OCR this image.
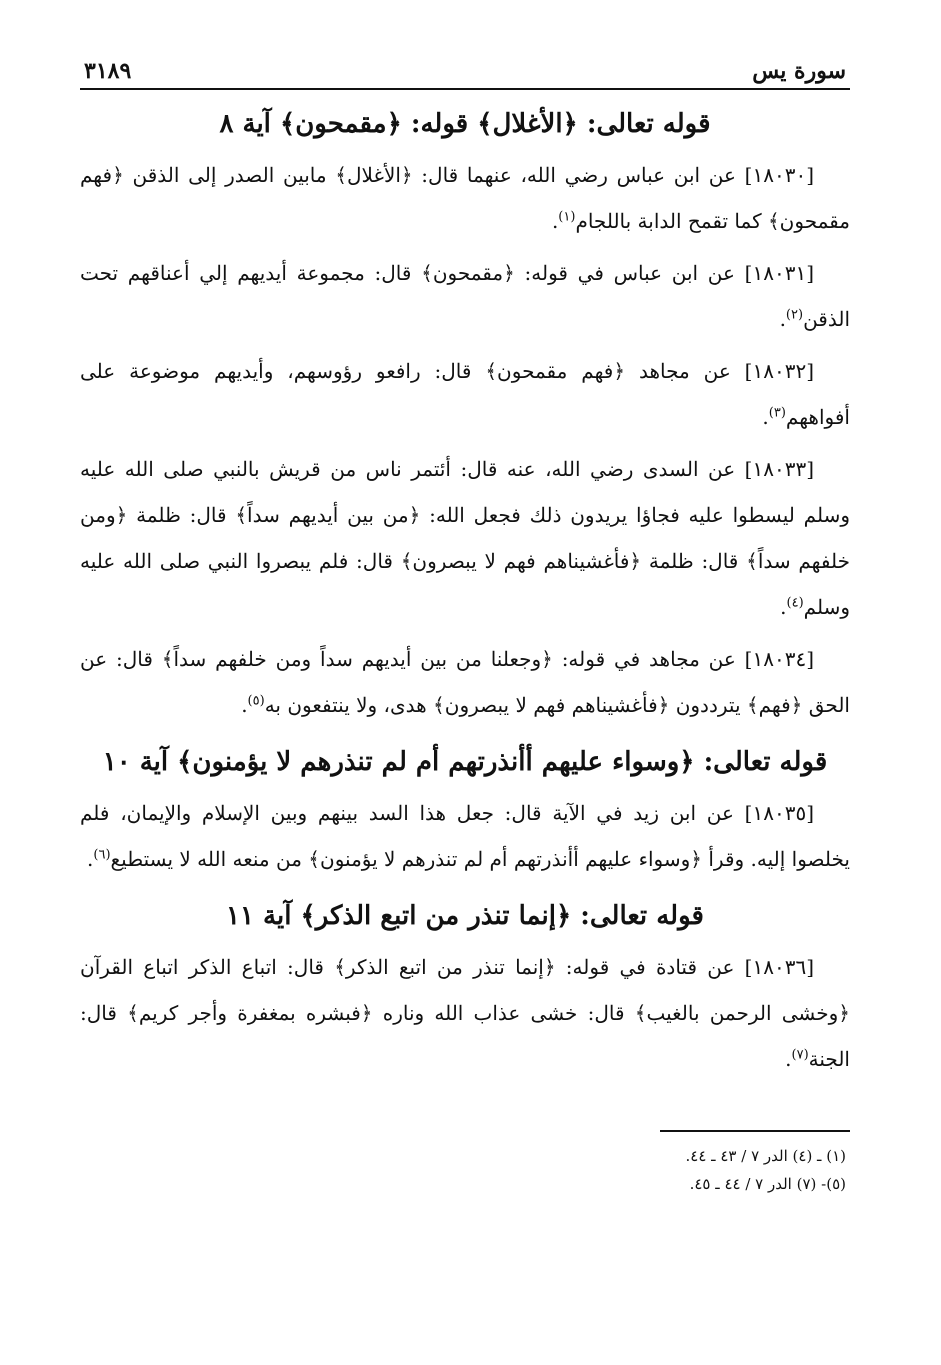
سورة يس
٣١٨٩
قوله تعالى: ﴿الأغلال﴾ قوله: ﴿مقمحون﴾ آية ٨

[١٨٠٣٠] عن ابن عباس رضي الله، عنهما قال: ﴿الأغلال﴾ مابين الصدر إلى الذقن ﴿فهم مقمحون﴾ كما تقمح الدابة باللجام$^{(١)}$.

[١٨٠٣١] عن ابن عباس في قوله: ﴿مقمحون﴾ قال: مجموعة أيديهم إلي أعناقهم تحت الذقن$^{(٢)}$.

[١٨٠٣٢] عن مجاهد ﴿فهم مقمحون﴾ قال: رافعو رؤوسهم، وأيديهم موضوعة على أفواههم$^{(٣)}$.

[١٨٠٣٣] عن السدى رضي الله، عنه قال: أئتمر ناس من قريش بالنبي صلى الله عليه وسلم ليسطوا عليه فجاؤا يريدون ذلك فجعل الله: ﴿من بين أيديهم سداً﴾ قال: ظلمة ﴿ومن خلفهم سداً﴾ قال: ظلمة ﴿فأغشيناهم فهم لا يبصرون﴾ قال: فلم يبصروا النبي صلى الله عليه وسلم$^{(٤)}$.

[١٨٠٣٤] عن مجاهد في قوله: ﴿وجعلنا من بين أيديهم سداً ومن خلفهم سداً﴾ قال: عن الحق ﴿فهم﴾ يترددون ﴿فأغشيناهم فهم لا يبصرون﴾ هدى، ولا ينتفعون به$^{(٥)}$.

قوله تعالى: ﴿وسواء عليهم أأنذرتهم أم لم تنذرهم لا يؤمنون﴾ آية ١٠

[١٨٠٣٥] عن ابن زيد في الآية قال: جعل هذا السد بينهم وبين الإسلام والإيمان، فلم يخلصوا إليه. وقرأ ﴿وسواء عليهم أأنذرتهم أم لم تنذرهم لا يؤمنون﴾ من منعه الله لا يستطيع$^{(٦)}$.

قوله تعالى: ﴿إنما تنذر من اتبع الذكر﴾ آية ١١

[١٨٠٣٦] عن قتادة في قوله: ﴿إنما تنذر من اتبع الذكر﴾ قال: اتباع الذكر اتباع القرآن ﴿وخشى الرحمن بالغيب﴾ قال: خشى عذاب الله وناره ﴿فبشره بمغفرة وأجر كريم﴾ قال: الجنة$^{(٧)}$.

(١) ـ (٤) الدر ٧ / ٤٣ ـ ٤٤.
(٥)- (٧) الدر ٧ / ٤٤ ـ ٤٥.
